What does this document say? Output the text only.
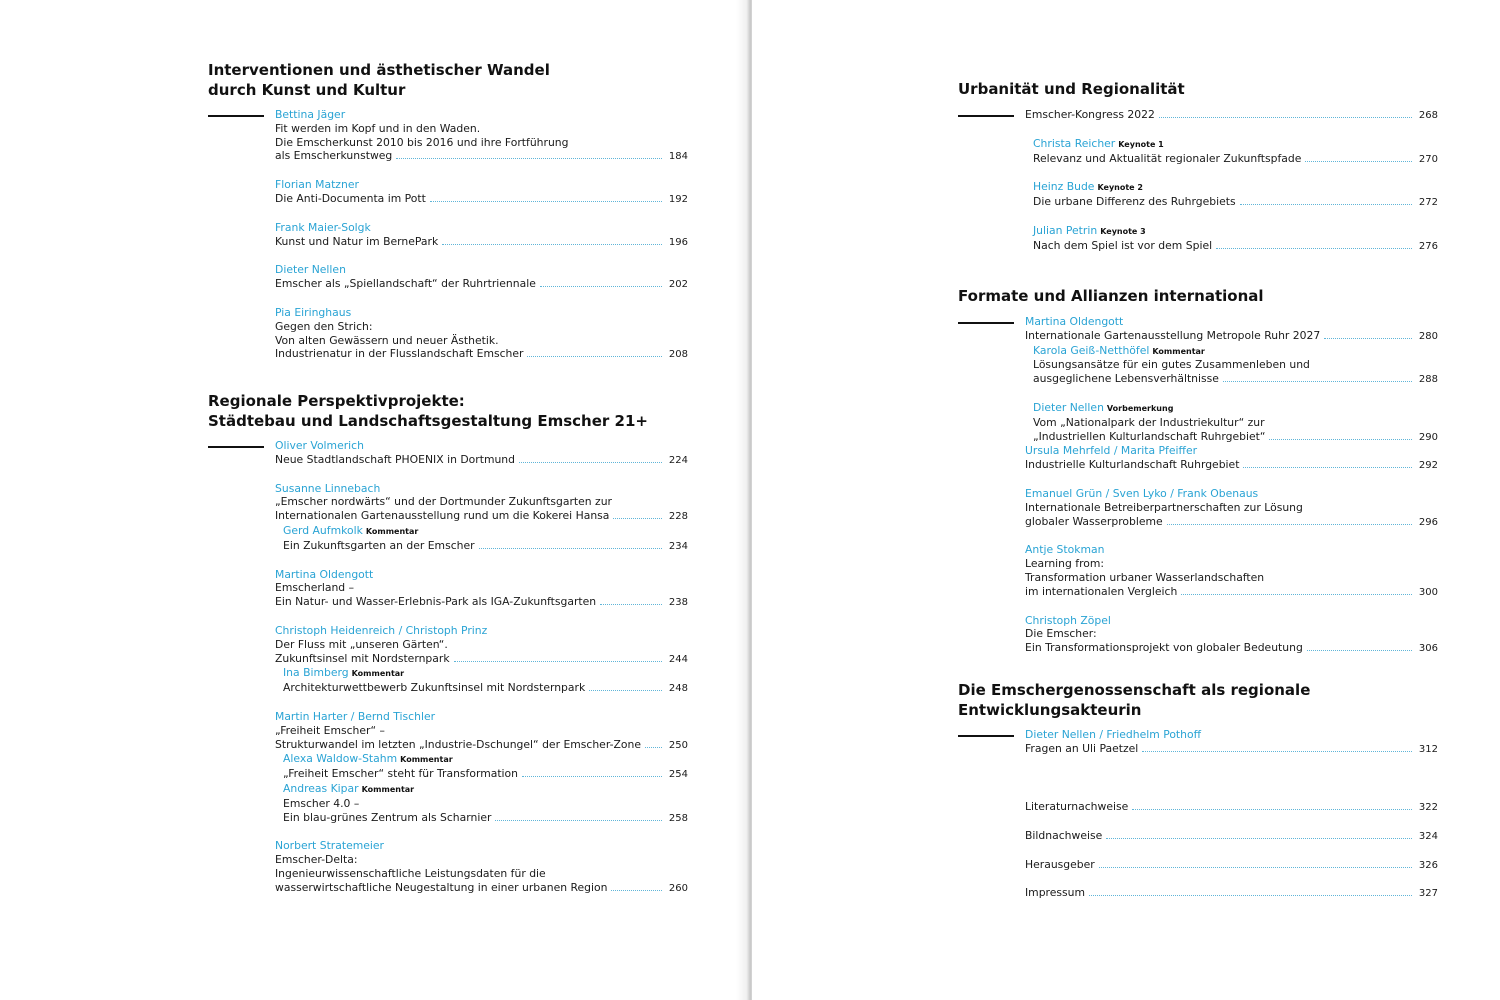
Interventionen und ästhetischer Wandel
durch Kunst und Kultur
Bettina Jäger
Fit werden im Kopf und in den Waden.
Die Emscherkunst 2010 bis 2016 und ihre Fortführung
als Emscherkunstweg	184
Florian Matzner
Die Anti-Documenta im Pott	192
Frank Maier-Solgk
Kunst und Natur im BernePark	196
Dieter Nellen
Emscher als „Spiellandschaft“ der Ruhrtriennale	202
Pia Eiringhaus
Gegen den Strich:
Von alten Gewässern und neuer Ästhetik.
Industrienatur in der Flusslandschaft Emscher	208
Regionale Perspektivprojekte:
Städtebau und Landschaftsgestaltung Emscher 21+
Oliver Volmerich
Neue Stadtlandschaft PHOENIX in Dortmund	224
Susanne Linnebach
„Emscher nordwärts“ und der Dortmunder Zukunftsgarten zur
Internationalen Gartenausstellung rund um die Kokerei Hansa	228
Gerd Aufmkolk Kommentar
Ein Zukunftsgarten an der Emscher	234
Martina Oldengott
Emscherland –
Ein Natur- und Wasser-Erlebnis-Park als IGA-Zukunftsgarten	238
Christoph Heidenreich / Christoph Prinz
Der Fluss mit „unseren Gärten“.
Zukunftsinsel mit Nordsternpark	244
Ina Bimberg Kommentar
Architekturwettbewerb Zukunftsinsel mit Nordsternpark	248
Martin Harter / Bernd Tischler
„Freiheit Emscher“ –
Strukturwandel im letzten „Industrie-Dschungel“ der Emscher-Zone	250
Alexa Waldow-Stahm Kommentar
„Freiheit Emscher“ steht für Transformation	254
Andreas Kipar Kommentar
Emscher 4.0 –
Ein blau-grünes Zentrum als Scharnier	258
Norbert Stratemeier
Emscher-Delta:
Ingenieurwissenschaftliche Leistungsdaten für die
wasserwirtschaftliche Neugestaltung in einer urbanen Region	260
Urbanität und Regionalität
Emscher-Kongress 2022	268
Christa Reicher Keynote 1
Relevanz und Aktualität regionaler Zukunftspfade	270
Heinz Bude Keynote 2
Die urbane Differenz des Ruhrgebiets	272
Julian Petrin Keynote 3
Nach dem Spiel ist vor dem Spiel	276
Formate und Allianzen international
Martina Oldengott
Internationale Gartenausstellung Metropole Ruhr 2027	280
Karola Geiß-Netthöfel Kommentar
Lösungsansätze für ein gutes Zusammenleben und
ausgeglichene Lebensverhältnisse	288
Dieter Nellen Vorbemerkung
Vom „Nationalpark der Industriekultur“ zur
„Industriellen Kulturlandschaft Ruhrgebiet“	290
Ursula Mehrfeld / Marita Pfeiffer
Industrielle Kulturlandschaft Ruhrgebiet	292
Emanuel Grün / Sven Lyko / Frank Obenaus
Internationale Betreiberpartnerschaften zur Lösung
globaler Wasserprobleme	296
Antje Stokman
Learning from:
Transformation urbaner Wasserlandschaften
im internationalen Vergleich	300
Christoph Zöpel
Die Emscher:
Ein Transformationsprojekt von globaler Bedeutung	306
Die Emschergenossenschaft als regionale
Entwicklungsakteurin
Dieter Nellen / Friedhelm Pothoff
Fragen an Uli Paetzel	312
Literaturnachweise	322
Bildnachweise	324
Herausgeber	326
Impressum	327
